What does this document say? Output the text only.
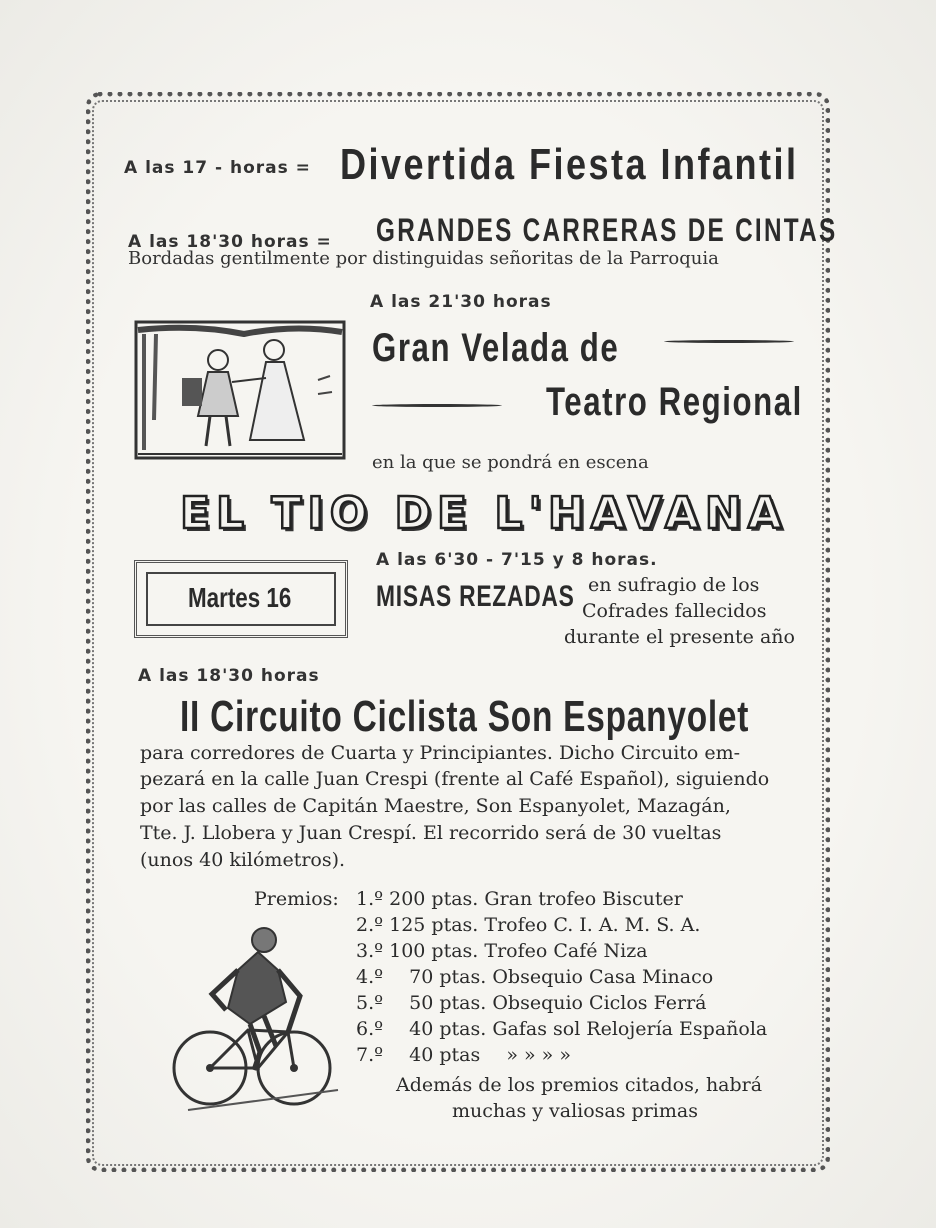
A las 17 - horas = Divertida Fiesta Infantil
A las 18'30 horas = GRANDES CARRERAS DE CINTAS
Bordadas gentilmente por distinguidas señoritas de la Parroquia
A las 21'30 horas
Gran Velada de
Teatro Regional
en la que se pondrá en escena
EL TIO DE L'HAVANA
Martes 16
A las 6'30 - 7'15 y 8 horas.
MISAS REZADAS en sufragio de los
Cofrades fallecidos
durante el presente año
A las 18'30 horas
II Circuito Ciclista Son Espanyolet
para corredores de Cuarta y Principiantes. Dicho Circuito em-
pezará en la calle Juan Crespi (frente al Café Español), siguiendo
por las calles de Capitán Maestre, Son Espanyolet, Mazagán,
Tte. J. Llobera y Juan Crespí. El recorrido será de 30 vueltas
(unos 40 kilómetros).
Premios: 1.º 200 ptas. Gran trofeo Biscuter
2.º 125 ptas. Trofeo C. I. A. M. S. A.
3.º 100 ptas. Trofeo Café Niza
4.º 70 ptas. Obsequio Casa Minaco
5.º 50 ptas. Obsequio Ciclos Ferrá
6.º 40 ptas. Gafas sol Relojería Española
7.º 40 ptas » » » »
Además de los premios citados, habrá
muchas y valiosas primas
